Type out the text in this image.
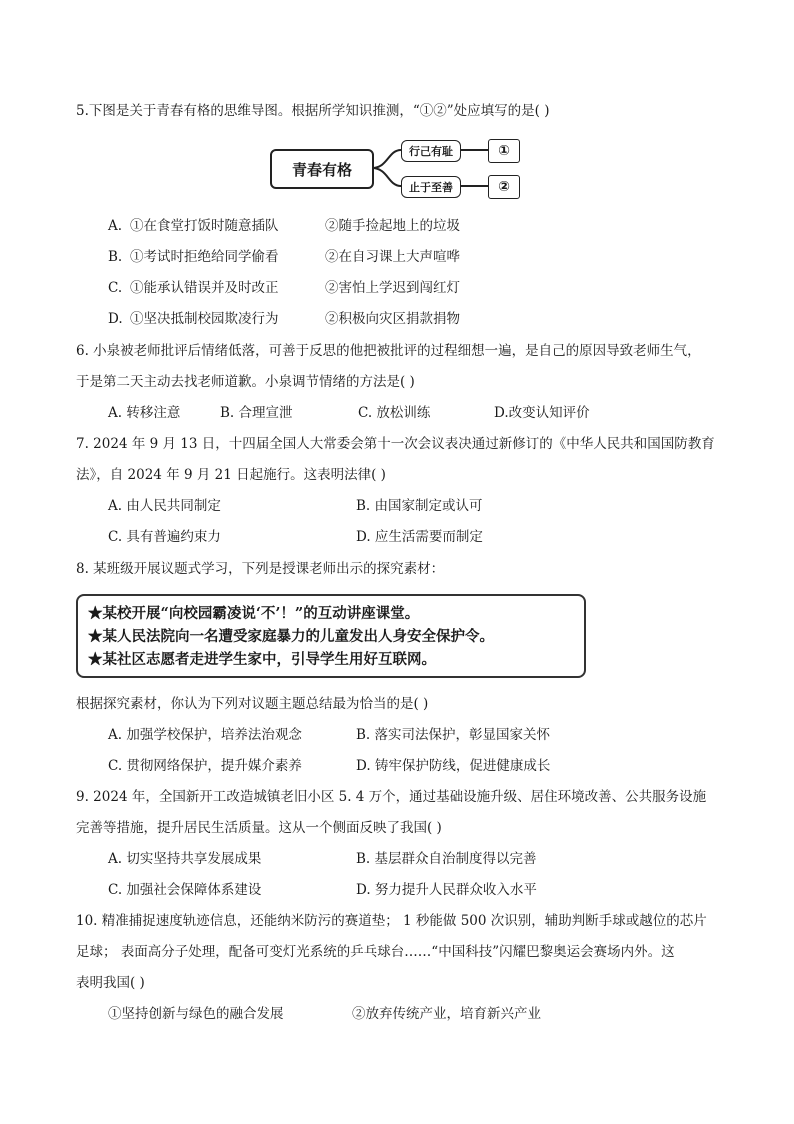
5.下图是关于青春有格的思维导图。根据所学知识推测，“①②”处应填写的是( )
青春有格
行己有耻
止于至善
①
②
A. ①在食堂打饭时随意插队	②随手捡起地上的垃圾
B. ①考试时拒绝给同学偷看	②在自习课上大声喧哗
C. ①能承认错误并及时改正	②害怕上学迟到闯红灯
D. ①坚决抵制校园欺凌行为	②积极向灾区捐款捐物
6. 小泉被老师批评后情绪低落，可善于反思的他把被批评的过程细想一遍，是自己的原因导致老师生气，
于是第二天主动去找老师道歉。小泉调节情绪的方法是( )
A. 转移注意	B. 合理宣泄	C. 放松训练	D.改变认知评价
7. 2024 年 9 月 13 日，十四届全国人大常委会第十一次会议表决通过新修订的《中华人民共和国国防教育
法》，自 2024 年 9 月 21 日起施行。这表明法律( )
A. 由人民共同制定	B. 由国家制定或认可
C. 具有普遍约束力	D. 应生活需要而制定
8. 某班级开展议题式学习，下列是授课老师出示的探究素材：
★某校开展“向校园霸凌说‘不’！”的互动讲座课堂。
★某人民法院向一名遭受家庭暴力的儿童发出人身安全保护令。
★某社区志愿者走进学生家中，引导学生用好互联网。
根据探究素材，你认为下列对议题主题总结最为恰当的是( )
A. 加强学校保护，培养法治观念	B. 落实司法保护，彰显国家关怀
C. 贯彻网络保护，提升媒介素养	D. 铸牢保护防线，促进健康成长
9. 2024 年，全国新开工改造城镇老旧小区 5. 4 万个，通过基础设施升级、居住环境改善、公共服务设施
完善等措施，提升居民生活质量。这从一个侧面反映了我国( )
A. 切实坚持共享发展成果	B. 基层群众自治制度得以完善
C. 加强社会保障体系建设	D. 努力提升人民群众收入水平
10. 精准捕捉速度轨迹信息，还能纳米防污的赛道垫； 1 秒能做 500 次识别，辅助判断手球或越位的芯片
足球； 表面高分子处理，配备可变灯光系统的乒乓球台……“中国科技”闪耀巴黎奥运会赛场内外。这
表明我国( )
①坚持创新与绿色的融合发展	②放弃传统产业，培育新兴产业
